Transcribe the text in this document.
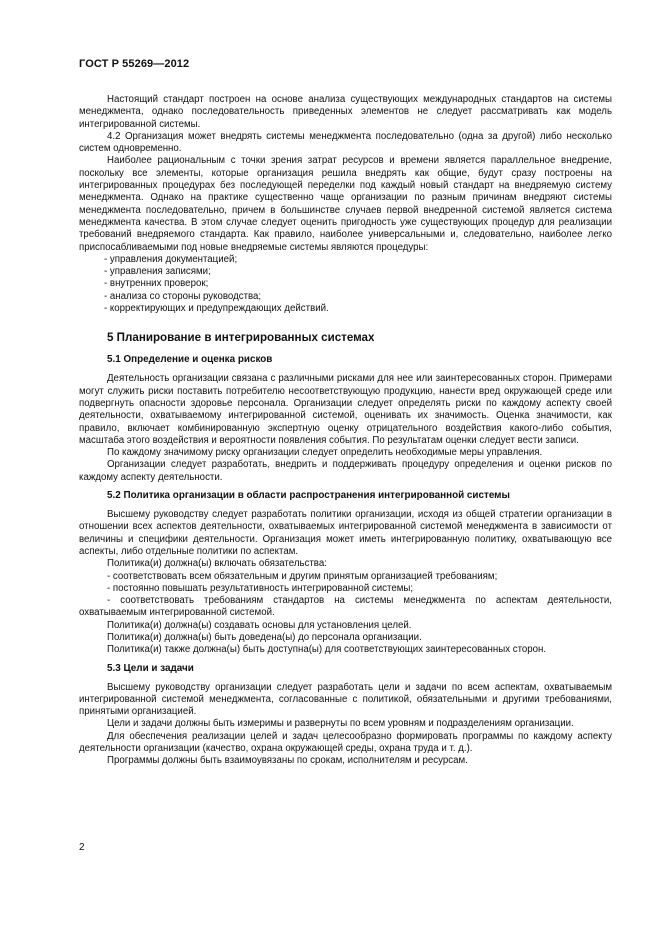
ГОСТ Р 55269—2012

Настоящий стандарт построен на основе анализа существующих международных стандартов на системы менеджмента, однако последовательность приведенных элементов не следует рассматривать как модель интегрированной системы.

4.2 Организация может внедрять системы менеджмента последовательно (одна за другой) либо несколько систем одновременно.

Наиболее рациональным с точки зрения затрат ресурсов и времени является параллельное внедрение, поскольку все элементы, которые организация решила внедрять как общие, будут сразу построены на интегрированных процедурах без последующей переделки под каждый новый стандарт на внедряемую систему менеджмента. Однако на практике существенно чаще организации по разным причинам внедряют системы менеджмента последовательно, причем в большинстве случаев первой внедренной системой является система менеджмента качества. В этом случае следует оценить пригодность уже существующих процедур для реализации требований внедряемого стандарта. Как правило, наиболее универсальными и, следовательно, наиболее легко приспосабливаемыми под новые внедряемые системы являются процедуры:

- управления документацией;

- управления записями;

- внутренних проверок;

- анализа со стороны руководства;

- корректирующих и предупреждающих действий.

5 Планирование в интегрированных системах
5.1 Определение и оценка рисков

Деятельность организации связана с различными рисками для нее или заинтересованных сторон. Примерами могут служить риски поставить потребителю несоответствующую продукцию, нанести вред окружающей среде или подвергнуть опасности здоровье персонала. Организации следует определять риски по каждому аспекту своей деятельности, охватываемому интегрированной системой, оценивать их значимость. Оценка значимости, как правило, включает комбинированную экспертную оценку отрицательного воздействия какого-либо события, масштаба этого воздействия и вероятности появления события. По результатам оценки следует вести записи.

По каждому значимому риску организации следует определить необходимые меры управления.

Организации следует разработать, внедрить и поддерживать процедуру определения и оценки рисков по каждому аспекту деятельности.

5.2 Политика организации в области распространения интегрированной системы

Высшему руководству следует разработать политики организации, исходя из общей стратегии организации в отношении всех аспектов деятельности, охватываемых интегрированной системой менеджмента в зависимости от величины и специфики деятельности. Организация может иметь интегрированную политику, охватывающую все аспекты, либо отдельные политики по аспектам.

Политика(и) должна(ы) включать обязательства:

- соответствовать всем обязательным и другим принятым организацией требованиям;

- постоянно повышать результативность интегрированной системы;

- соответствовать требованиям стандартов на системы менеджмента по аспектам деятельности, охватываемым интегрированной системой.

Политика(и) должна(ы) создавать основы для установления целей.

Политика(и) должна(ы) быть доведена(ы) до персонала организации.

Политика(и) также должна(ы) быть доступна(ы) для соответствующих заинтересованных сторон.

5.3 Цели и задачи

Высшему руководству организации следует разработать цели и задачи по всем аспектам, охватываемым интегрированной системой менеджмента, согласованные с политикой, обязательными и другими требованиями, принятыми организацией.

Цели и задачи должны быть измеримы и развернуты по всем уровням и подразделениям организации.

Для обеспечения реализации целей и задач целесообразно формировать программы по каждому аспекту деятельности организации (качество, охрана окружающей среды, охрана труда и т. д.).

Программы должны быть взаимоувязаны по срокам, исполнителям и ресурсам.

2
